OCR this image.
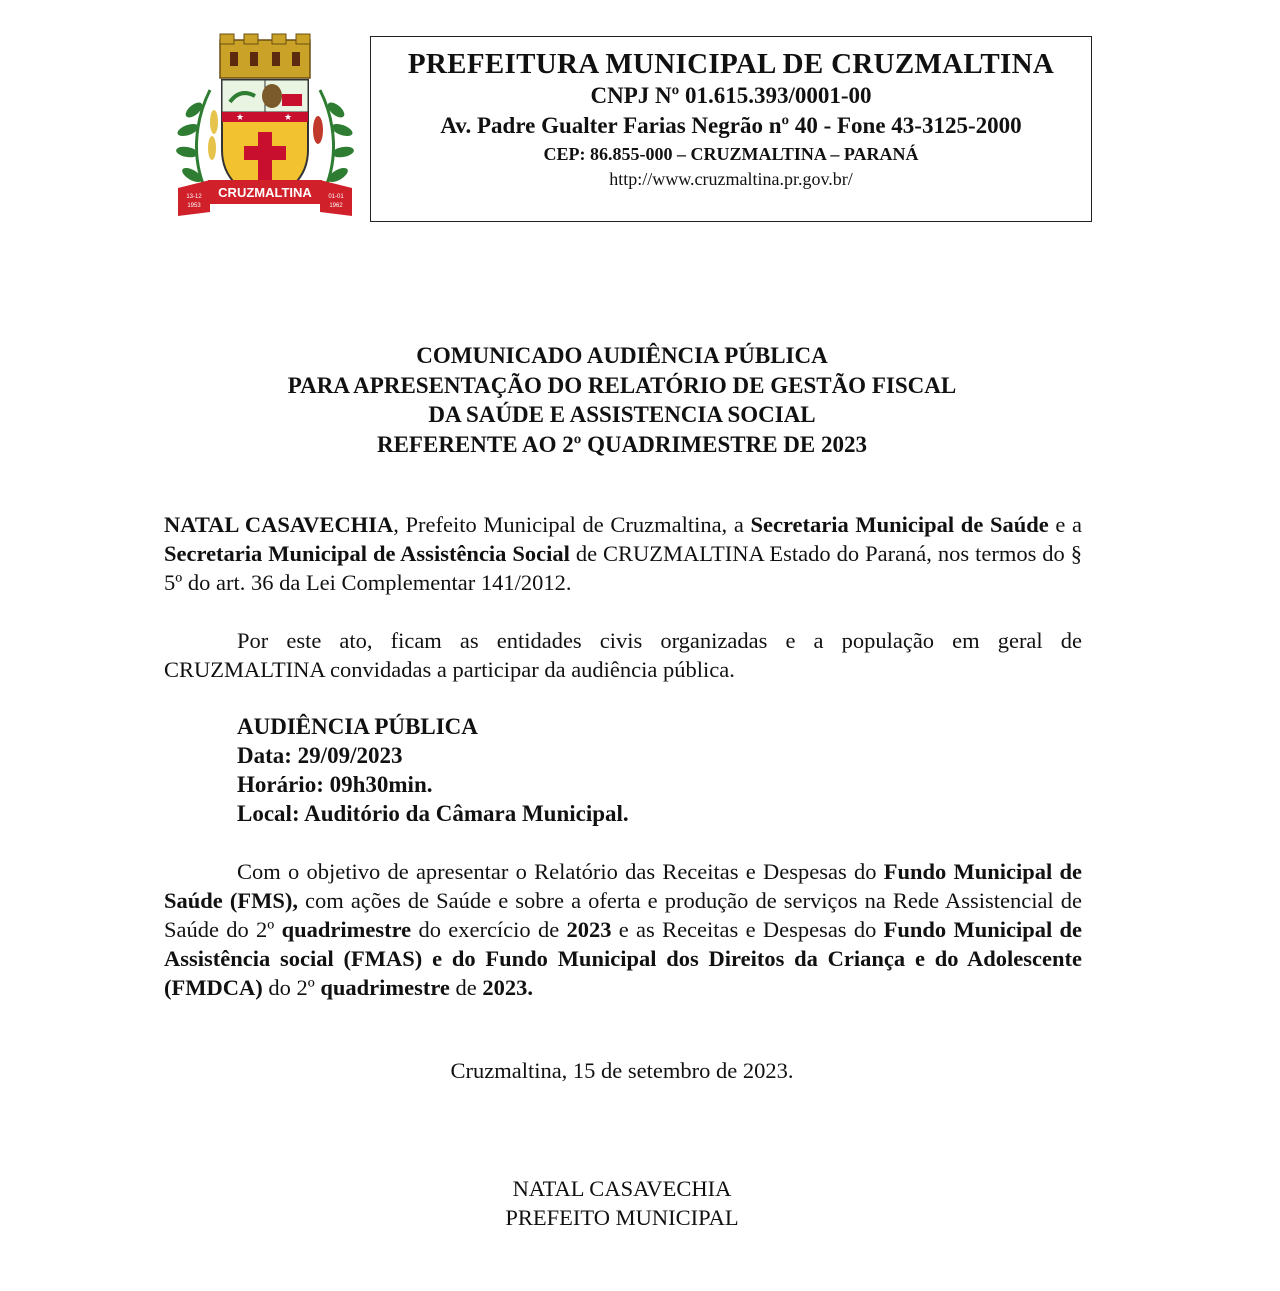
★	★
CRUZMALTINA
13-12
1953
01-01
1962
PREFEITURA MUNICIPAL DE CRUZMALTINA
CNPJ Nº 01.615.393/0001-00
Av. Padre Gualter Farias Negrão nº 40 - Fone 43-3125-2000
CEP: 86.855-000 – CRUZMALTINA – PARANÁ
http://www.cruzmaltina.pr.gov.br/
COMUNICADO AUDIÊNCIA PÚBLICA
PARA APRESENTAÇÃO DO RELATÓRIO DE GESTÃO FISCAL
DA SAÚDE E ASSISTENCIA SOCIAL
REFERENTE AO 2º QUADRIMESTRE DE 2023
NATAL CASAVECHIA, Prefeito Municipal de Cruzmaltina, a Secretaria Municipal de Saúde e a Secretaria Municipal de Assistência Social de CRUZMALTINA Estado do Paraná, nos termos do § 5º do art. 36 da Lei Complementar 141/2012.
Por este ato, ficam as entidades civis organizadas e a população em geral de CRUZMALTINA convidadas a participar da audiência pública.
AUDIÊNCIA PÚBLICA
Data: 29/09/2023
Horário: 09h30min.
Local: Auditório da Câmara Municipal.
Com o objetivo de apresentar o Relatório das Receitas e Despesas do Fundo Municipal de Saúde (FMS), com ações de Saúde e sobre a oferta e produção de serviços na Rede Assistencial de Saúde do 2º quadrimestre do exercício de 2023 e as Receitas e Despesas do Fundo Municipal de Assistência social (FMAS) e do Fundo Municipal dos Direitos da Criança e do Adolescente (FMDCA) do 2º quadrimestre de 2023.
Cruzmaltina, 15 de setembro de 2023.
NATAL CASAVECHIA
PREFEITO MUNICIPAL
